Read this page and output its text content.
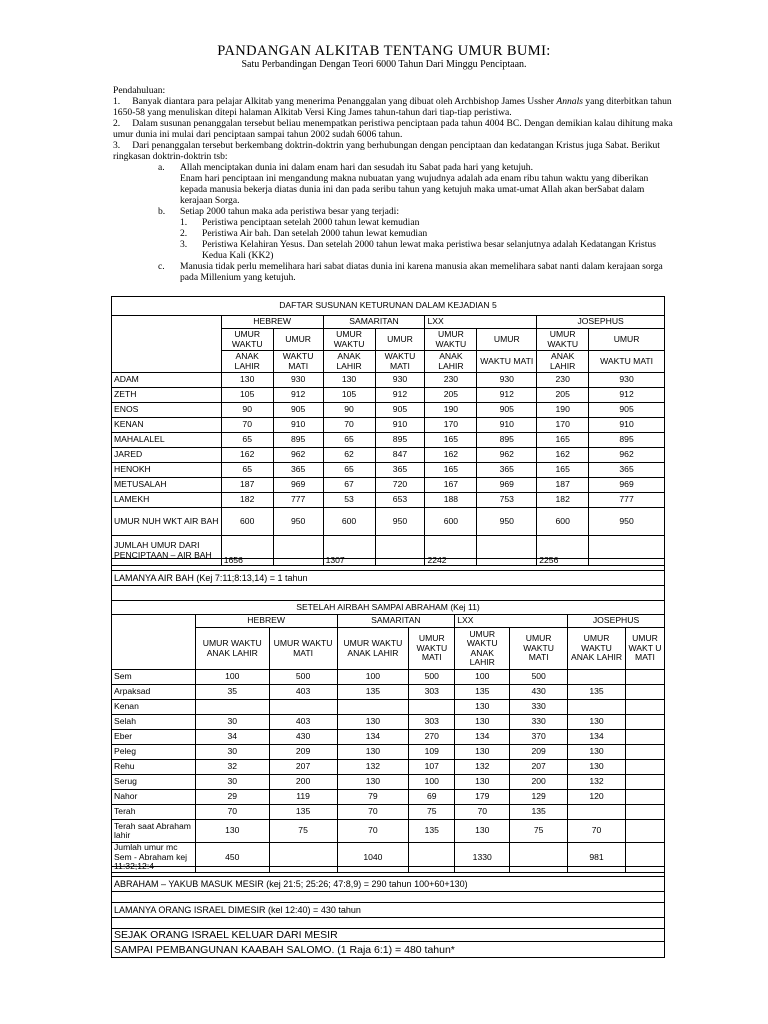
PANDANGAN ALKITAB TENTANG UMUR BUMI:
Satu Perbandingan Dengan Teori 6000 Tahun Dari Minggu Penciptaan.

Pendahuluan:

1. Banyak diantara para pelajar Alkitab yang menerima Penanggalan yang dibuat oleh Archbishop James Ussher Annals yang diterbitkan tahun 1650-58 yang menuliskan ditepi halaman Alkitab Versi King James tahun-tahun dari tiap-tiap peristiwa.

2. Dalam susunan penanggalan tersebut beliau menempatkan peristiwa penciptaan pada tahun 4004 BC. Dengan demikian kalau dihitung maka umur dunia ini mulai dari penciptaan sampai tahun 2002 sudah 6006 tahun.

3. Dari penanggalan tersebut berkembang doktrin-doktrin yang berhubungan dengan penciptaan dan kedatangan Kristus juga Sabat. Berikut ringkasan doktrin-doktrin tsb:

a.	Allah menciptakan dunia ini dalam enam hari dan sesudah itu Sabat pada hari yang ketujuh.

Enam hari penciptaan ini mengandung makna nubuatan yang wujudnya adalah ada enam ribu tahun waktu yang diberikan kepada manusia bekerja diatas dunia ini dan pada seribu tahun yang ketujuh maka umat-umat Allah akan berSabat dalam kerajaan Sorga.

b.	Setiap 2000 tahun maka ada peristiwa besar yang terjadi:
1.	Peristiwa penciptaan setelah 2000 tahun lewat kemudian
2.	Peristiwa Air bah. Dan setelah 2000 tahun lewat kemudian
3.	Peristiwa Kelahiran Yesus. Dan setelah 2000 tahun lewat maka peristiwa besar selanjutnya adalah Kedatangan Kristus Kedua Kali (KK2)
c.	Manusia tidak perlu memelihara hari sabat diatas dunia ini karena manusia akan memelihara sabat nanti dalam kerajaan sorga pada Millenium yang ketujuh.
DAFTAR SUSUNAN KETURUNAN DALAM KEJADIAN 5								
	HEBREW		SAMARITAN		LXX		JOSEPHUS	
	UMUR WAKTU	UMUR	UMUR WAKTU	UMUR	UMUR WAKTU	UMUR	UMUR WAKTU	UMUR
	ANAK LAHIR	WAKTU MATI	ANAK LAHIR	WAKTU MATI	ANAK LAHIR	WAKTU MATI	ANAK LAHIR	WAKTU MATI
ADAM	130	930	130	930	230	930	230	930
ZETH	105	912	105	912	205	912	205	912
ENOS	90	905	90	905	190	905	190	905
KENAN	70	910	70	910	170	910	170	910
MAHALALEL	65	895	65	895	165	895	165	895
JARED	162	962	62	847	162	962	162	962
HENOKH	65	365	65	365	165	365	165	365
METUSALAH	187	969	67	720	167	969	187	969
LAMEKH	182	777	53	653	188	753	182	777
UMUR NUH WKT AIR BAH	600	950	600	950	600	950	600	950
JUMLAH UMUR DARI PENCIPTAAN – AIR BAH	1656		1307		2242		2256	
LAMANYA AIR BAH (Kej 7:11;8:13,14) = 1 tahun
SETELAH AIRBAH SAMPAI ABRAHAM (Kej 11)								
	HEBREW		SAMARITAN		LXX		JOSEPHUS	
	UMUR WAKTU ANAK LAHIR	UMUR WAKTU MATI	UMUR WAKTU ANAK LAHIR	UMUR WAKTU MATI	UMUR WAKTU ANAK LAHIR	UMUR WAKTU MATI	UMUR WAKTU ANAK LAHIR	UMUR WAKT U MATI
Sem	100	500	100	500	100	500		
Arpaksad	35	403	135	303	135	430	135	
Kenan					130	330		
Selah	30	403	130	303	130	330	130	
Eber	34	430	134	270	134	370	134	
Peleg	30	209	130	109	130	209	130	
Rehu	32	207	132	107	132	207	130	
Serug	30	200	130	100	130	200	132	
Nahor	29	119	79	69	179	129	120	
Terah	70	135	70	75	70	135		
Terah saat Abraham lahir	130	75	70	135	130	75	70	
Jumlah umur mc Sem - Abraham kej 11:32;12:4	450		1040		1330		981	
ABRAHAM – YAKUB MASUK MESIR (kej 21:5; 25:26; 47:8,9) = 290 tahun 100+60+130)
LAMANYA ORANG ISRAEL DIMESIR (kel 12:40) = 430 tahun
SEJAK ORANG ISRAEL KELUAR DARI MESIR
SAMPAI PEMBANGUNAN KAABAH SALOMO. (1 Raja 6:1) = 480 tahun*
